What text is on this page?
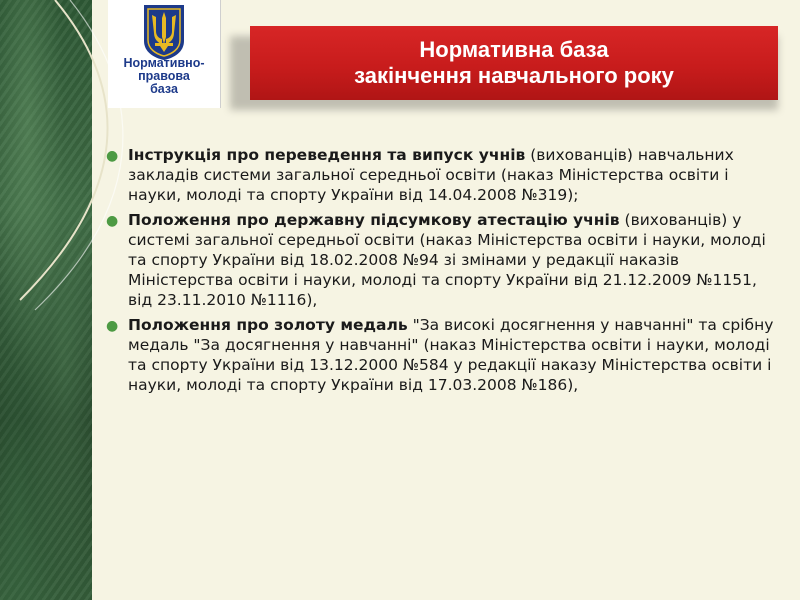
Нормативно-
правова
база
Нормативна база
закінчення навчального року
● Інструкція про переведення та випуск учнів (вихованців) навчальних закладів системи загальної середньої освіти (наказ Міністерства освіти і науки, молоді та спорту України від 14.04.2008 №319);
● Положення про державну підсумкову атестацію учнів (вихованців) у системі загальної середньої освіти (наказ Міністерства освіти і науки, молоді та спорту України від 18.02.2008 №94 зі змінами у редакції наказів Міністерства освіти і науки, молоді та спорту України від 21.12.2009 №1151, від 23.11.2010 №1116),
● Положення про золоту медаль "За високі досягнення у навчанні" та срібну медаль "За досягнення у навчанні" (наказ Міністерства освіти і науки, молоді та спорту України від 13.12.2000 №584 у редакції наказу Міністерства освіти і науки, молоді та спорту України від 17.03.2008 №186),
